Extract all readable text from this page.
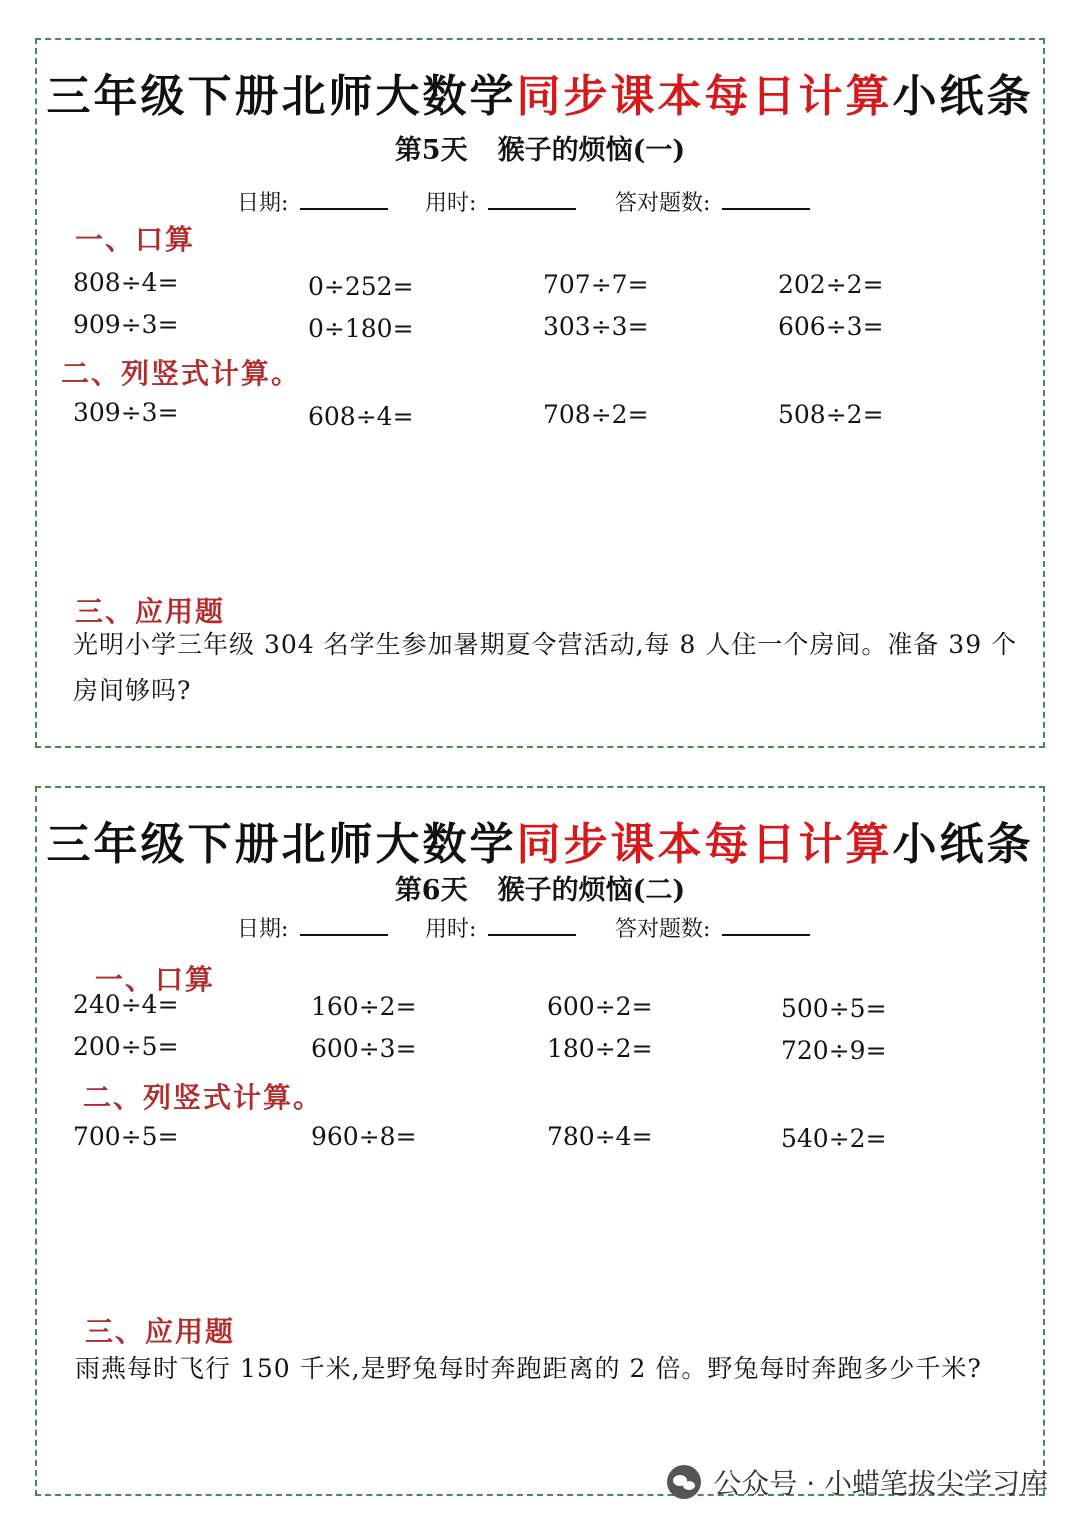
三年级下册北师大数学同步课本每日计算小纸条
第5天 猴子的烦恼(一)
日期:	用时:	答对题数:
一、口算
808÷4=	0÷252=	707÷7=	202÷2=
909÷3=	0÷180=	303÷3=	606÷3=
二、列竖式计算。
309÷3=	608÷4=	708÷2=	508÷2=
三、应用题
光明小学三年级 304 名学生参加暑期夏令营活动,每 8 人住一个房间。准备 39 个房间够吗?
三年级下册北师大数学同步课本每日计算小纸条
第6天 猴子的烦恼(二)
日期:	用时:	答对题数:
一、口算
240÷4=	160÷2=	600÷2=	500÷5=
200÷5=	600÷3=	180÷2=	720÷9=
二、列竖式计算。
700÷5=	960÷8=	780÷4=	540÷2=
三、应用题
雨燕每时飞行 150 千米,是野兔每时奔跑距离的 2 倍。野兔每时奔跑多少千米?
公众号 · 小蜡笔拔尖学习库
